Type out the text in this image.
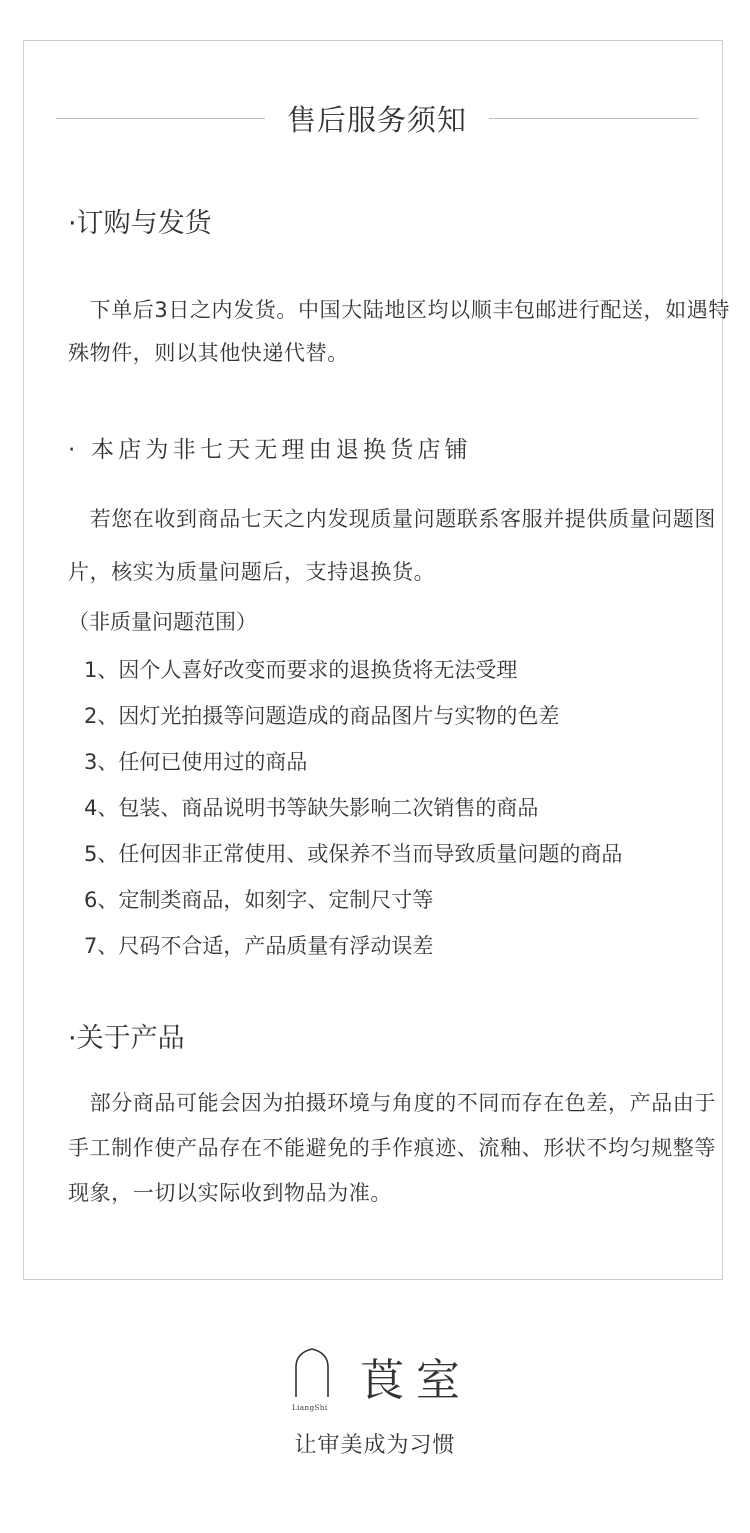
售后服务须知
·订购与发货
　下单后3日之内发货。中国大陆地区均以顺丰包邮进行配送，如遇特殊物件，则以其他快递代替。
· 本店为非七天无理由退换货店铺
　若您在收到商品七天之内发现质量问题联系客服并提供质量问题图片，核实为质量问题后，支持退换货。
（非质量问题范围）
1、因个人喜好改变而要求的退换货将无法受理
2、因灯光拍摄等问题造成的商品图片与实物的色差
3、任何已使用过的商品
4、包装、商品说明书等缺失影响二次销售的商品
5、任何因非正常使用、或保养不当而导致质量问题的商品
6、定制类商品，如刻字、定制尺寸等
7、尺码不合适，产品质量有浮动误差
·关于产品
　部分商品可能会因为拍摄环境与角度的不同而存在色差，产品由于手工制作使产品存在不能避免的手作痕迹、流釉、形状不均匀规整等现象，一切以实际收到物品为准。
LiangShi
莨室
让审美成为习惯
